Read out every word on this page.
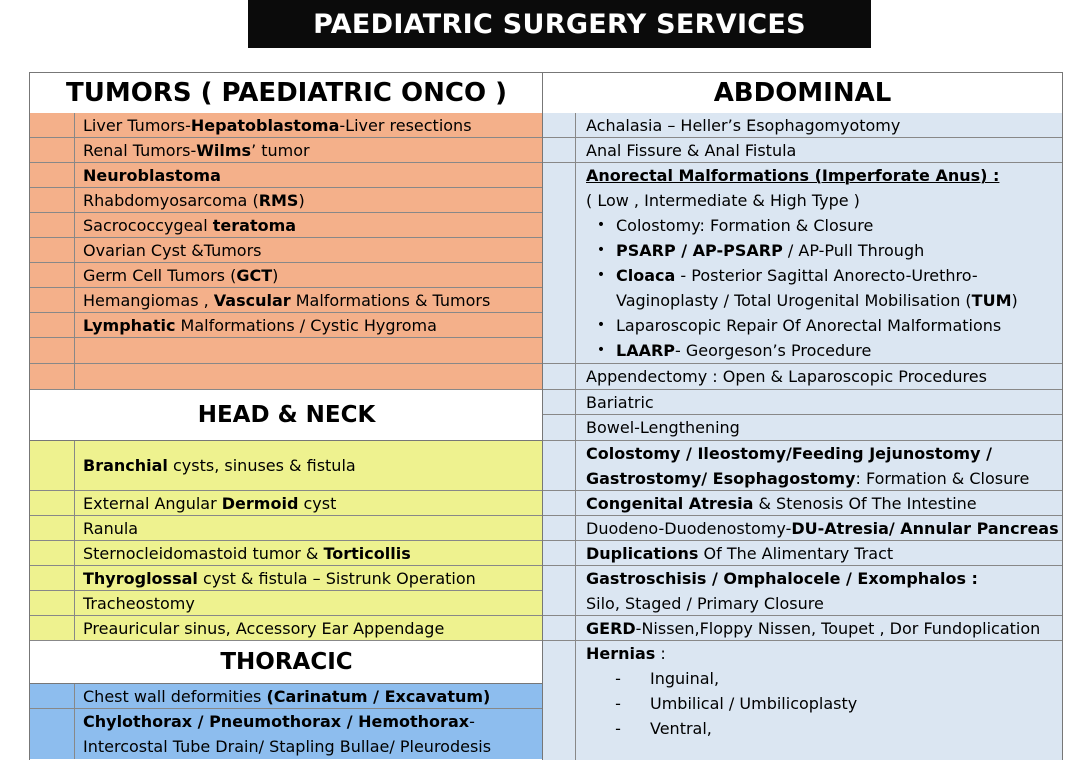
PAEDIATRIC SURGERY SERVICES
TUMORS ( PAEDIATRIC ONCO )
Liver Tumors-Hepatoblastoma-Liver resections
Renal Tumors-Wilms’ tumor
Neuroblastoma
Rhabdomyosarcoma (RMS)
Sacrococcygeal teratoma
Ovarian Cyst &Tumors
Germ Cell Tumors (GCT)
Hemangiomas , Vascular Malformations & Tumors
Lymphatic Malformations / Cystic Hygroma
HEAD & NECK
Branchial cysts, sinuses & fistula
External Angular Dermoid cyst
Ranula
Sternocleidomastoid tumor & Torticollis
Thyroglossal cyst & fistula – Sistrunk Operation
Tracheostomy
Preauricular sinus, Accessory Ear Appendage
THORACIC
Chest wall deformities (Carinatum / Excavatum)
Chylothorax / Pneumothorax / Hemothorax-
Intercostal Tube Drain/ Stapling Bullae/ Pleurodesis
ABDOMINAL
Achalasia – Heller’s Esophagomyotomy
Anal Fissure & Anal Fistula
Anorectal Malformations (Imperforate Anus) :
( Low , Intermediate & High Type )
• Colostomy: Formation & Closure
• PSARP / AP-PSARP / AP-Pull Through
• Cloaca - Posterior Sagittal Anorecto-Urethro-
Vaginoplasty / Total Urogenital Mobilisation (TUM)
• Laparoscopic Repair Of Anorectal Malformations
• LAARP- Georgeson’s Procedure
Appendectomy : Open & Laparoscopic Procedures
Bariatric
Bowel-Lengthening
Colostomy / Ileostomy/Feeding Jejunostomy /
Gastrostomy/ Esophagostomy: Formation & Closure
Congenital Atresia & Stenosis Of The Intestine
Duodeno-Duodenostomy-DU-Atresia/ Annular Pancreas
Duplications Of The Alimentary Tract
Gastroschisis / Omphalocele / Exomphalos :
Silo, Staged / Primary Closure
GERD-Nissen,Floppy Nissen, Toupet , Dor Fundoplication
Hernias :
-	Inguinal,
-	Umbilical / Umbilicoplasty
-	Ventral,
